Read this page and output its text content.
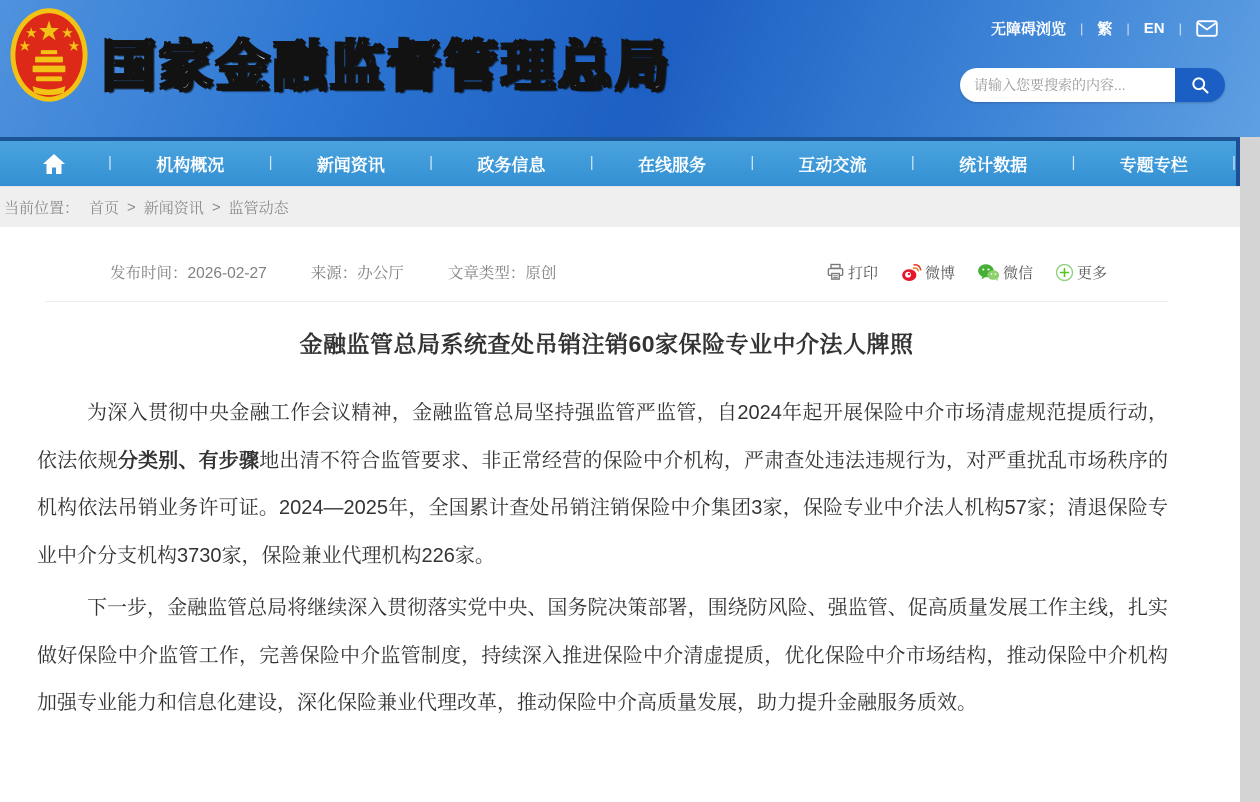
国家金融监督管理总局
无障碍浏览 | 繁 | EN |
请输入您要搜索的内容...
|	机构概况	|	新闻资讯	|	政务信息	|	在线服务	|	互动交流	|	统计数据	|	专题专栏	|
当前位置： 首页 > 新闻资讯 > 监管动态
发布时间：2026-02-27	来源：办公厅	文章类型：原创	打印	微博	微信	更多
金融监管总局系统查处吊销注销60家保险专业中介法人牌照

为深入贯彻中央金融工作会议精神，金融监管总局坚持强监管严监管，自2024年起开展保险中介市场清虚规范提质行动，依法依规分类别、有步骤地出清不符合监管要求、非正常经营的保险中介机构，严肃查处违法违规行为，对严重扰乱市场秩序的机构依法吊销业务许可证。2024—2025年，全国累计查处吊销注销保险中介集团3家，保险专业中介法人机构57家；清退保险专业中介分支机构3730家，保险兼业代理机构226家。

下一步，金融监管总局将继续深入贯彻落实党中央、国务院决策部署，围绕防风险、强监管、促高质量发展工作主线，扎实做好保险中介监管工作，完善保险中介监管制度，持续深入推进保险中介清虚提质，优化保险中介市场结构，推动保险中介机构加强专业能力和信息化建设，深化保险兼业代理改革，推动保险中介高质量发展，助力提升金融服务质效。
